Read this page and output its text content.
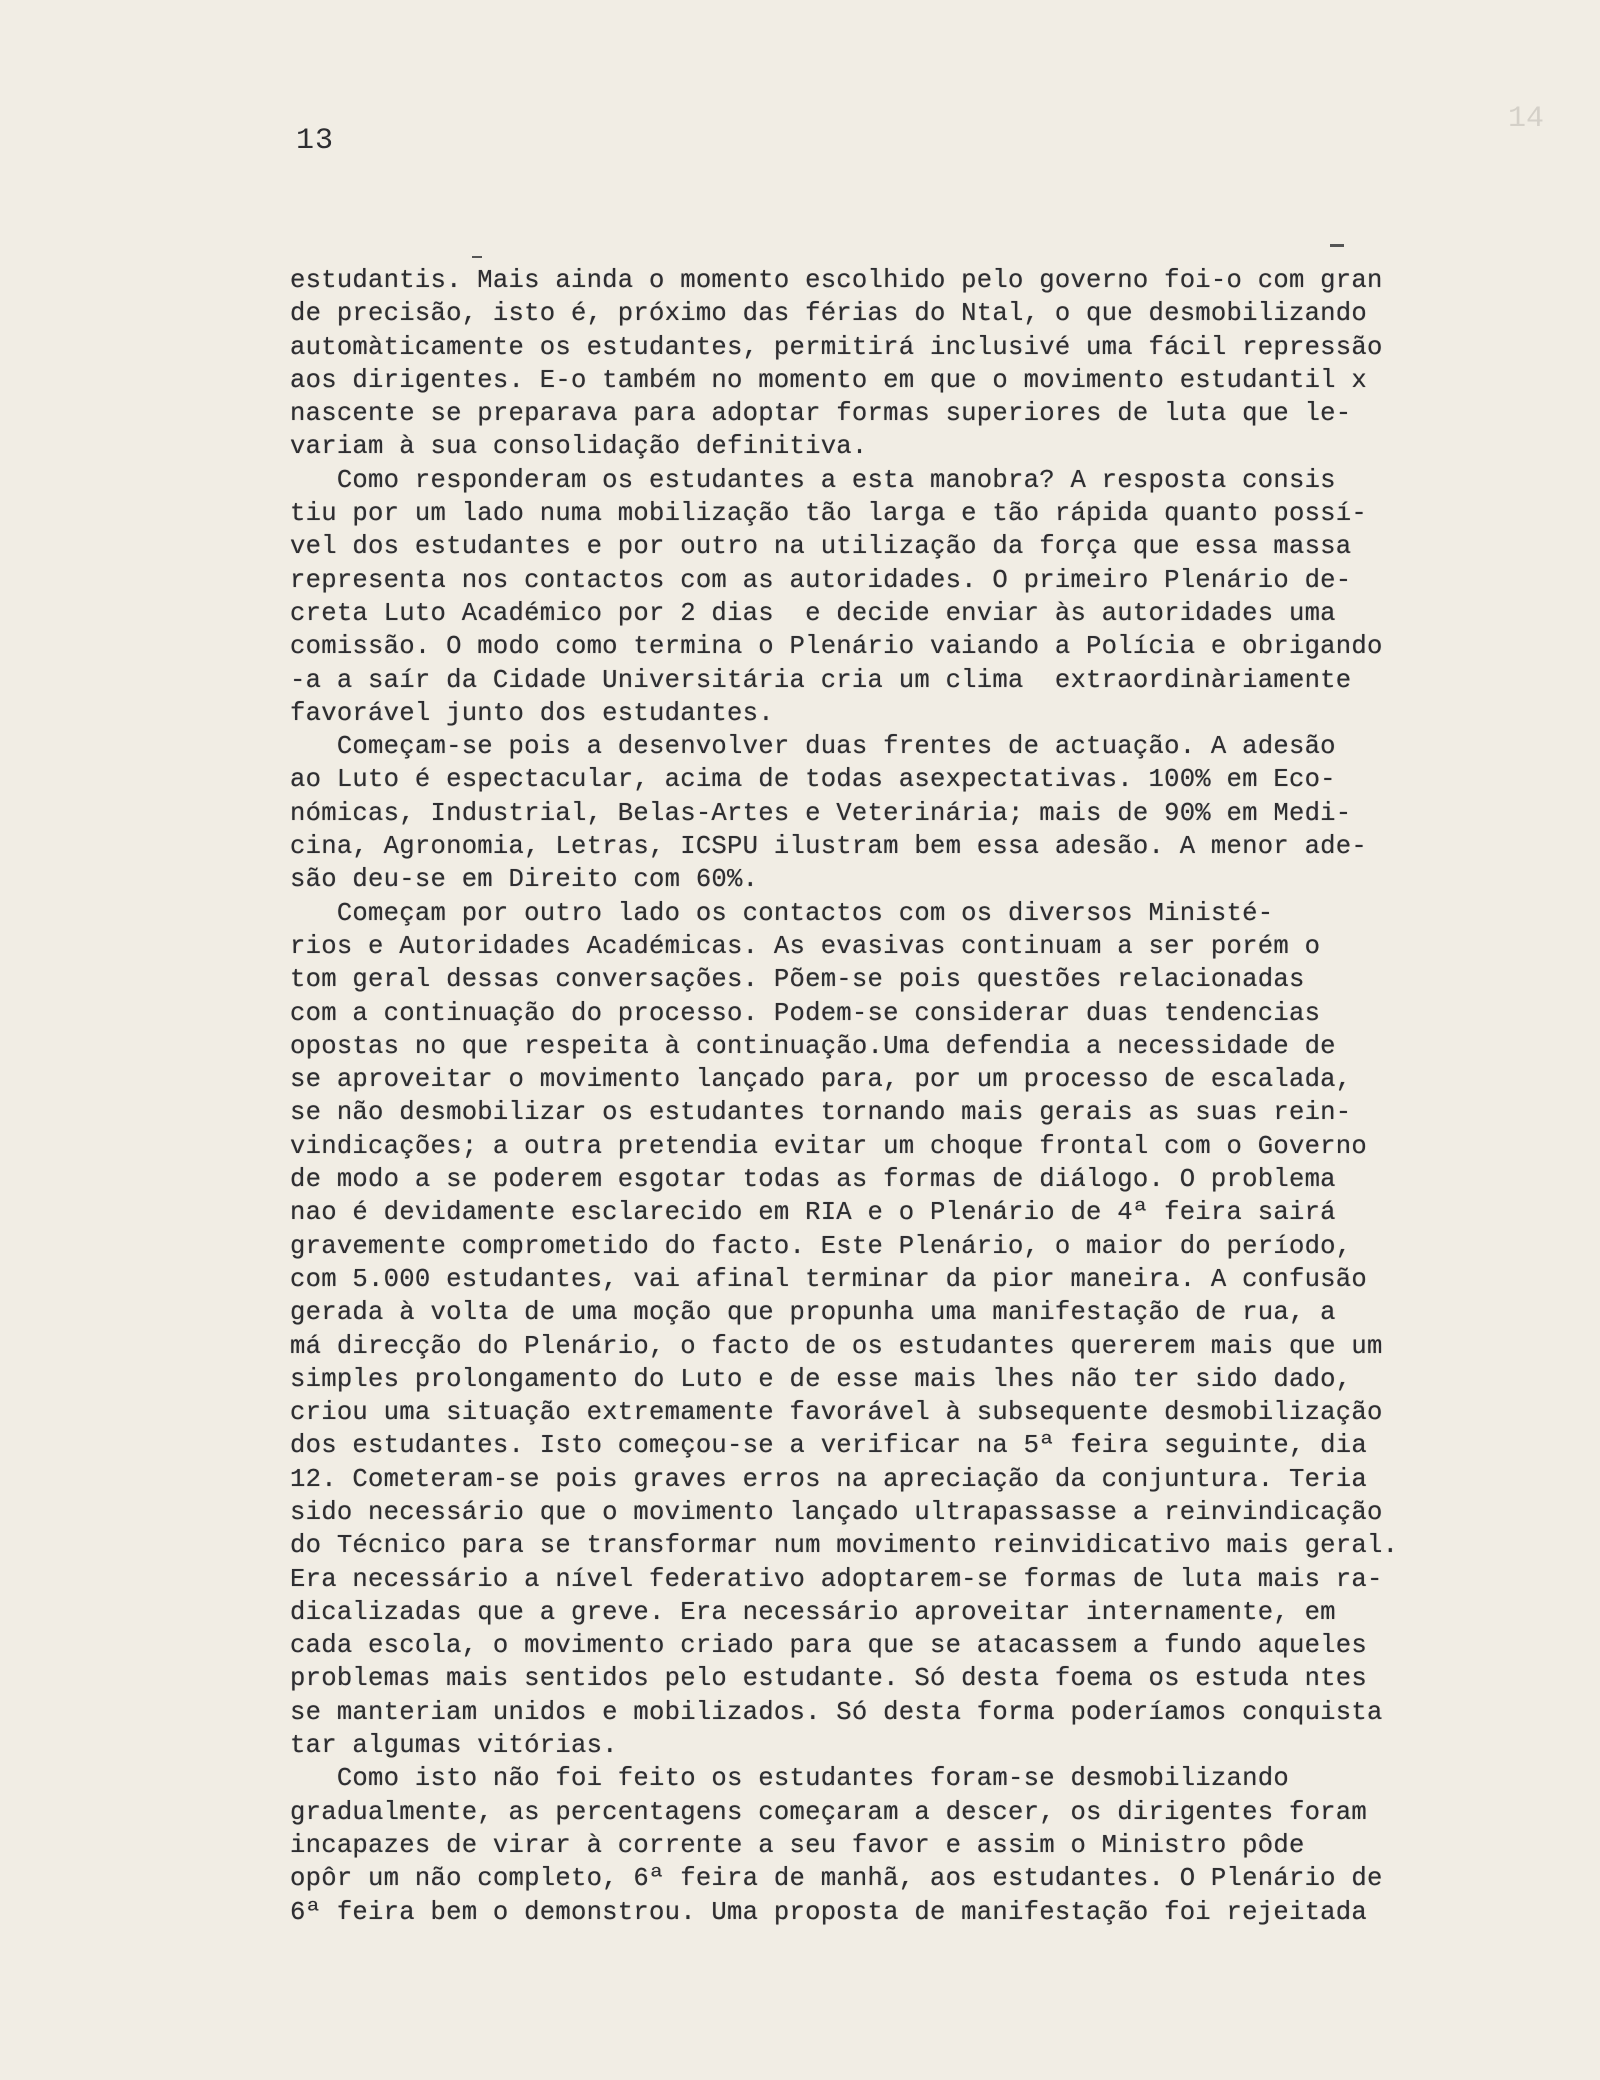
13
14
estudantis. Mais ainda o momento escolhido pelo governo foi-o com gran
de precisão, isto é, próximo das férias do Ntal, o que desmobilizando
automàticamente os estudantes, permitirá inclusivé uma fácil repressão
aos dirigentes. E-o também no momento em que o movimento estudantil x
nascente se preparava para adoptar formas superiores de luta que le-
variam à sua consolidação definitiva.
Como responderam os estudantes a esta manobra? A resposta consis
tiu por um lado numa mobilização tão larga e tão rápida quanto possí-
vel dos estudantes e por outro na utilização da força que essa massa
representa nos contactos com as autoridades. O primeiro Plenário de-
creta Luto Académico por 2 dias  e decide enviar às autoridades uma
comissão. O modo como termina o Plenário vaiando a Polícia e obrigando
-a a saír da Cidade Universitária cria um clima  extraordinàriamente
favorável junto dos estudantes.
Começam-se pois a desenvolver duas frentes de actuação. A adesão
ao Luto é espectacular, acima de todas asexpectativas. 100% em Eco-
nómicas, Industrial, Belas-Artes e Veterinária; mais de 90% em Medi-
cina, Agronomia, Letras, ICSPU ilustram bem essa adesão. A menor ade-
são deu-se em Direito com 60%.
Começam por outro lado os contactos com os diversos Ministé-
rios e Autoridades Académicas. As evasivas continuam a ser porém o
tom geral dessas conversações. Põem-se pois questões relacionadas
com a continuação do processo. Podem-se considerar duas tendencias
opostas no que respeita à continuação.Uma defendia a necessidade de
se aproveitar o movimento lançado para, por um processo de escalada,
se não desmobilizar os estudantes tornando mais gerais as suas rein-
vindicações; a outra pretendia evitar um choque frontal com o Governo
de modo a se poderem esgotar todas as formas de diálogo. O problema
nao é devidamente esclarecido em RIA e o Plenário de 4ª feira sairá
gravemente comprometido do facto. Este Plenário, o maior do período,
com 5.000 estudantes, vai afinal terminar da pior maneira. A confusão
gerada à volta de uma moção que propunha uma manifestação de rua, a
má direcção do Plenário, o facto de os estudantes quererem mais que um
simples prolongamento do Luto e de esse mais lhes não ter sido dado,
criou uma situação extremamente favorável à subsequente desmobilização
dos estudantes. Isto começou-se a verificar na 5ª feira seguinte, dia
12. Cometeram-se pois graves erros na apreciação da conjuntura. Teria
sido necessário que o movimento lançado ultrapassasse a reinvindicação
do Técnico para se transformar num movimento reinvidicativo mais geral.
Era necessário a nível federativo adoptarem-se formas de luta mais ra-
dicalizadas que a greve. Era necessário aproveitar internamente, em
cada escola, o movimento criado para que se atacassem a fundo aqueles
problemas mais sentidos pelo estudante. Só desta foema os estuda ntes
se manteriam unidos e mobilizados. Só desta forma poderíamos conquista
tar algumas vitórias.
Como isto não foi feito os estudantes foram-se desmobilizando
gradualmente, as percentagens começaram a descer, os dirigentes foram
incapazes de virar à corrente a seu favor e assim o Ministro pôde
opôr um não completo, 6ª feira de manhã, aos estudantes. O Plenário de
6ª feira bem o demonstrou. Uma proposta de manifestação foi rejeitada
